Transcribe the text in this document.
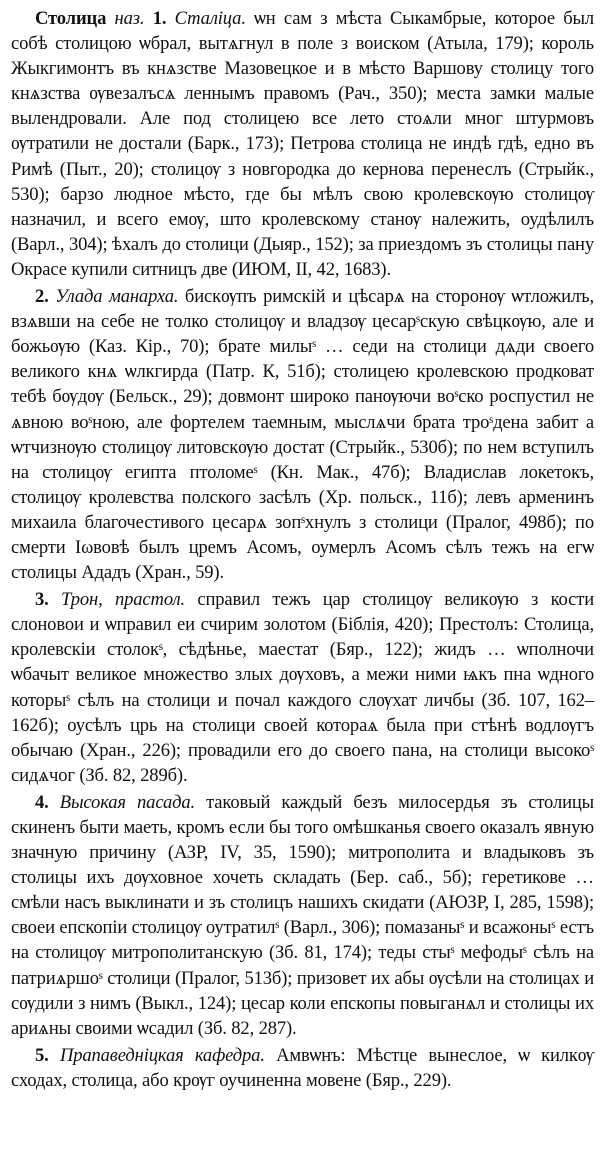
Столица наз. 1. Сталіца. ѡн сам з мѣста Сыкамбрые, которое был собѣ столицою ѡбрал, вытѧгнул в поле з воиском (Атыла, 179); король Жыкгимонтъ въ кнѧзстве Мазовецкое и в мѣсто Варшову столицу того кнѧзства ѹвезалъсѧ леннымъ правомъ (Рач., 350); места замки малые вылендровали. Але под столицею все лето стоѧли мног штурмовъ ѹтратили не достали (Барк., 173); Петрова столица не индѣ гдѣ, едно въ Римѣ (Пыт., 20); столицѹ з новгородка до кернова перенеслъ (Стрыйк., 530); барзо людное мѣсто, где бы мѣлъ свою кролевскѹю столицѹ назначил, и всего емѹ, што кролевскому станѹ належить, оудѣлилъ (Варл., 304); ѣхалъ до столици (Дыяр., 152); за приездомъ зъ столицы пану Окрасе купили ситницъ две (ИЮМ, II, 42, 1683).

2. Улада манарха. бискѹпъ римскій и цѣсарѧ на сторонѹ ѡтложилъ, взѧвши на себе не толко столицѹ и владзѹ цесарˢскую свѣцкѹю, але и божьѹю (Каз. Кір., 70); брате милыˢ … седи на столици дѧди своего великого кнѧ ѡлкгирда (Патр. К, 51б); столицею кролевскою продковат тебѣ бѹдѹ (Бельск., 29); довмонт широко панѹючи воˢско роспустил не ѧвною воˢною, але фортелем таемным, мыслѧчи брата троˢдена забит а ѡтчизнѹю столицѹ литовскѹю достат (Стрыйк., 530б); по нем вступилъ на столицѹ египта птоломеˢ (Кн. Мак., 47б); Владислав локетокъ, столицѹ кролевства полского засѣлъ (Хр. польск., 11б); левъ арменинъ михаила благочестивого цесарѧ зопˢхнулъ з столици (Пралог, 498б); по смерти Іωвовѣ былъ цремъ Асомъ, оумерлъ Асомъ сѣлъ тежъ на егѡ столицы Ададъ (Хран., 59).

3. Трон, прастол. справил тежъ цар столицѹ великѹю з кости слоновои и ѡправил еи счирим золотом (Біблія, 420); Престолъ: Столица, кролевскіи столокˢ, сѣдѣнье, маестат (Бяр., 122); жидъ … ѡполночи ѡбачыт великое множество злых дѹховъ, а межи ними ѩкъ пна ѡдного которыˢ сѣлъ на столици и почал каждого слѹхат личбы (Зб. 107, 162–162б); оусѣлъ црь на столици своей котораѧ была при стѣнѣ водлѹгъ обычаю (Хран., 226); провадили его до своего пана, на столици высокоˢ сидѧчог (Зб. 82, 289б).

4. Высокая пасада. таковый каждый безъ милосердья зъ столицы скиненъ быти маеть, кромъ если бы того омѣшканья своего оказалъ явную значную причину (АЗР, IV, 35, 1590); митрополита и владыковъ зъ столицы ихъ дѹховное хочеть складать (Бер. саб., 5б); геретикове … смѣли насъ выклинати и зъ столицъ нашихъ скидати (АЮЗР, I, 285, 1598); своеи епскопіи столицѹ оутратилˢ (Варл., 306); помазаныˢ и всажоныˢ естъ на столицѹ митрополитанскую (Зб. 81, 174); теды стыˢ мефодыˢ сѣлъ на патриѧршоˢ столици (Пралог, 513б); призовет их абы ѹсѣли на столицах и сѹдили з нимъ (Выкл., 124); цесар коли епскопы повыганѧл и столицы их ариѧны своими ѡсадил (Зб. 82, 287).

5. Прапаведніцкая кафедра. Амвѡнъ: Мѣстце вынеслое, ѡ килкѹ сходах, столица, або крѹг оучиненна мовене (Бяр., 229).
